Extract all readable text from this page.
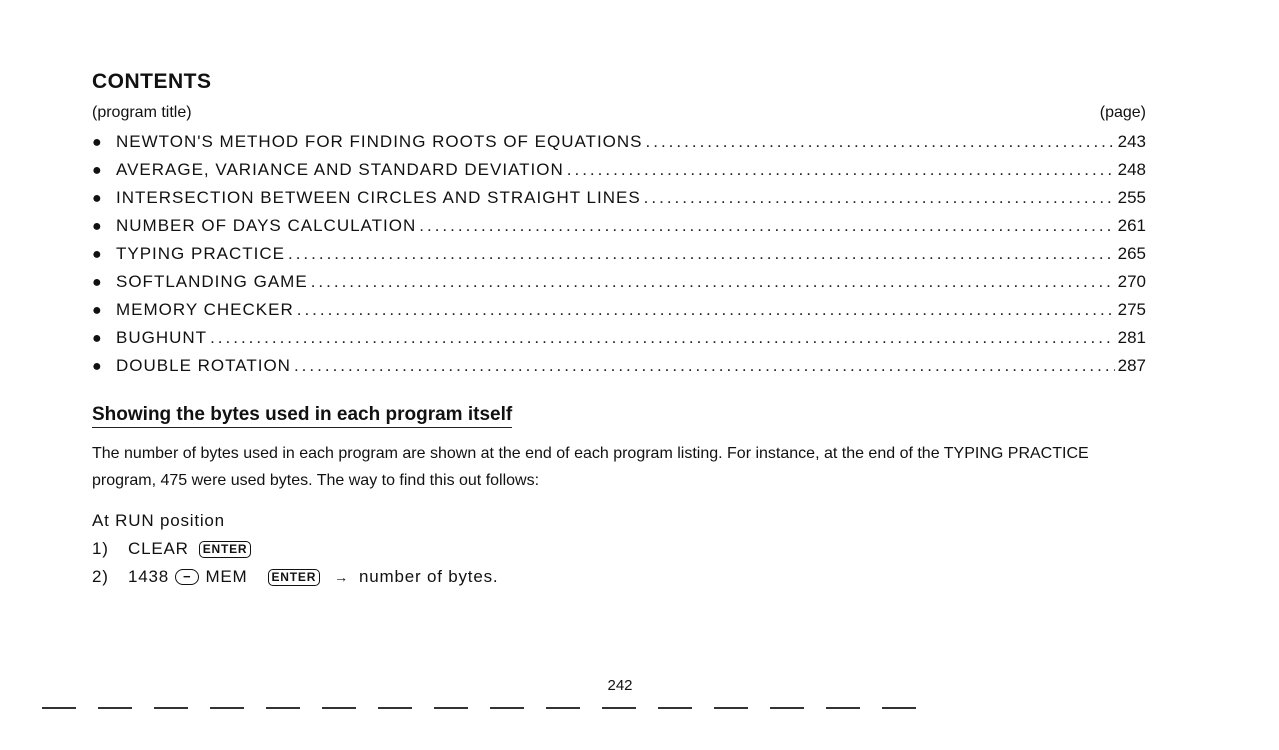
CONTENTS
(program title)	(page)
● NEWTON'S METHOD FOR FINDING ROOTS OF EQUATIONS .....	243
● AVERAGE, VARIANCE AND STANDARD DEVIATION .....	248
● INTERSECTION BETWEEN CIRCLES AND STRAIGHT LINES .....	255
● NUMBER OF DAYS CALCULATION .....	261
● TYPING PRACTICE .....	265
● SOFTLANDING GAME .....	270
● MEMORY CHECKER .....	275
● BUGHUNT .....	281
● DOUBLE ROTATION .....	287
Showing the bytes used in each program itself

The number of bytes used in each program are shown at the end of each program listing. For instance, at the end of the TYPING PRACTICE program, 475 were used bytes. The way to find this out follows:

At RUN position
1)	CLEAR	ENTER
2)	1438	− MEM	ENTER → number of bytes.
242
